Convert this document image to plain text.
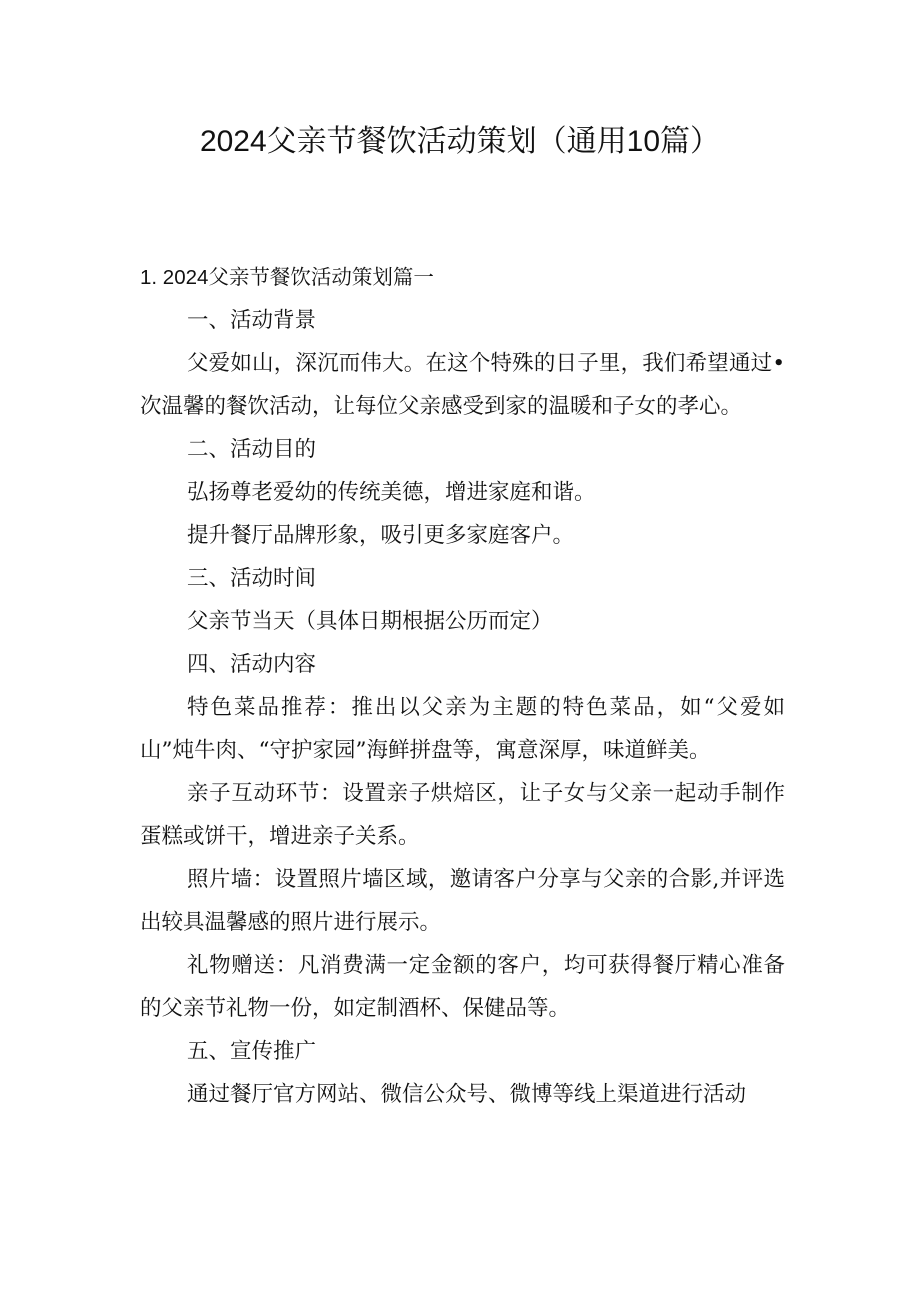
2024父亲节餐饮活动策划（通用10篇）

1. 2024父亲节餐饮活动策划篇一

一、活动背景

父爱如山，深沉而伟大。在这个特殊的日子里，我们希望通过•次温馨的餐饮活动，让每位父亲感受到家的温暖和子女的孝心。

二、活动目的

弘扬尊老爱幼的传统美德，增进家庭和谐。

提升餐厅品牌形象，吸引更多家庭客户。

三、活动时间

父亲节当天（具体日期根据公历而定）

四、活动内容

特色菜品推荐：推出以父亲为主题的特色菜品，如“父爱如山”炖牛肉、“守护家园”海鲜拼盘等，寓意深厚，味道鲜美。

亲子互动环节：设置亲子烘焙区，让子女与父亲一起动手制作蛋糕或饼干，增进亲子关系。

照片墙：设置照片墙区域，邀请客户分享与父亲的合影,并评选出较具温馨感的照片进行展示。

礼物赠送：凡消费满一定金额的客户，均可获得餐厅精心准备的父亲节礼物一份，如定制酒杯、保健品等。

五、宣传推广

通过餐厅官方网站、微信公众号、微博等线上渠道进行活动
